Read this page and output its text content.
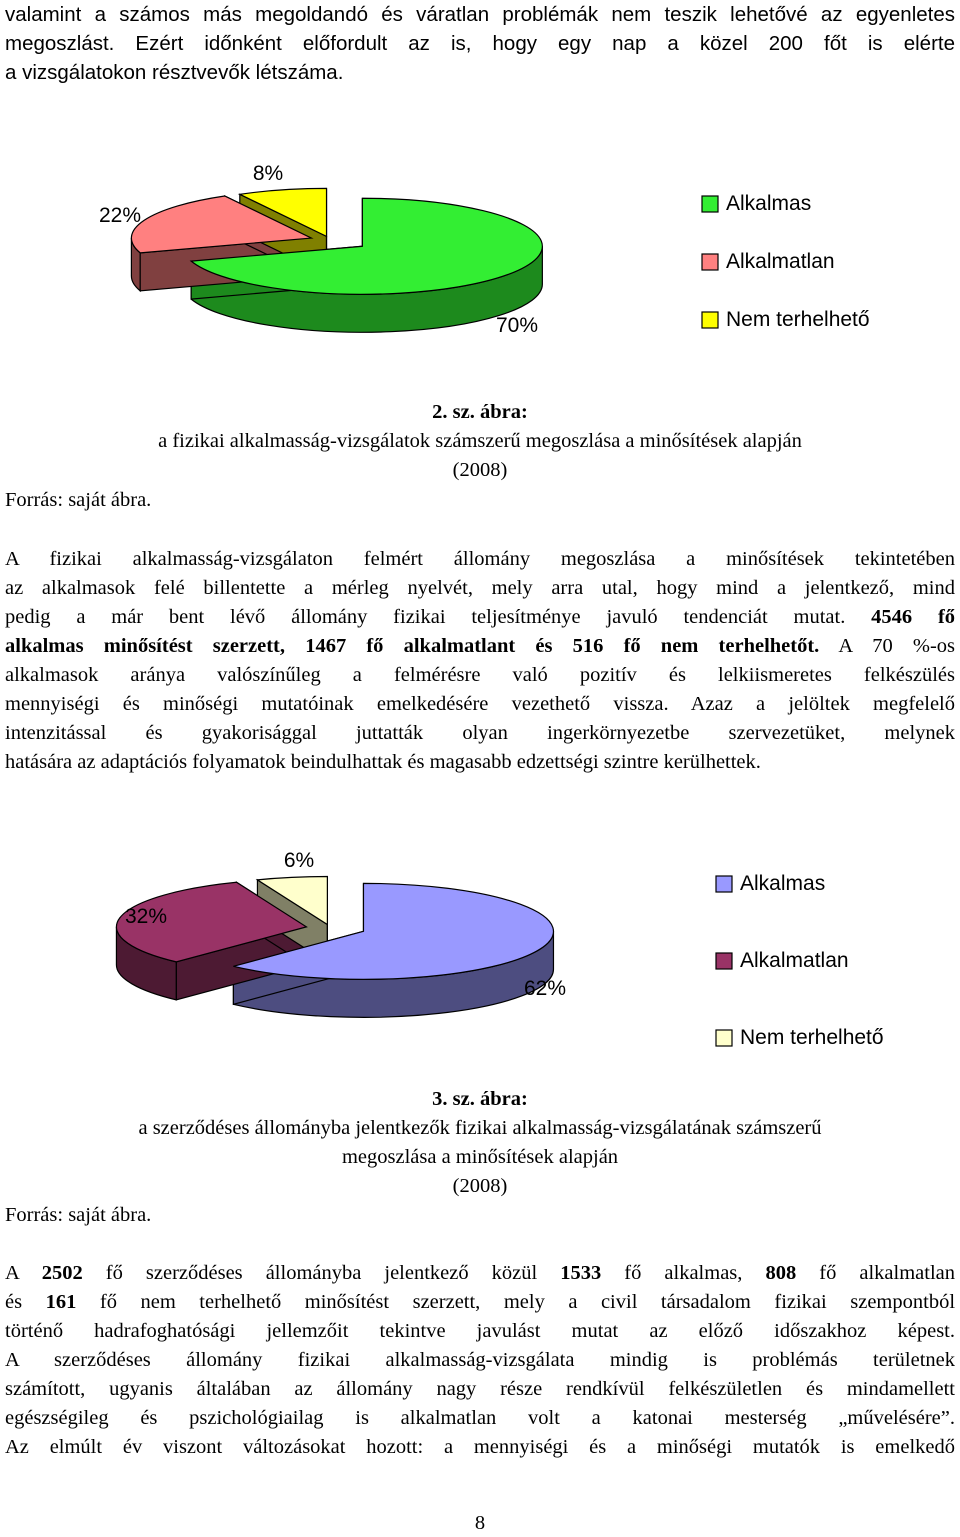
valamint a számos más megoldandó és váratlan problémák nem teszik lehetővé az egyenletes
megoszlást. Ezért időnként előfordult az is, hogy egy nap a közel 200 főt is elérte
a vizsgálatokon résztvevők létszáma.
70%
22%
8%
Alkalmas
Alkalmatlan
Nem terhelhető
2. sz. ábra:
a fizikai alkalmasság-vizsgálatok számszerű megoszlása a minősítések alapján
(2008)
Forrás: saját ábra.
A fizikai alkalmasság-vizsgálaton felmért állomány megoszlása a minősítések tekintetében
az alkalmasok felé billentette a mérleg nyelvét, mely arra utal, hogy mind a jelentkező, mind
pedig a már bent lévő állomány fizikai teljesítménye javuló tendenciát mutat. 4546 fő
alkalmas minősítést szerzett, 1467 fő alkalmatlant és 516 fő nem terhelhetőt. A 70 %-os
alkalmasok aránya valószínűleg a felmérésre való pozitív és lelkiismeretes felkészülés
mennyiségi és minőségi mutatóinak emelkedésére vezethető vissza. Azaz a jelöltek megfelelő
intenzitással és gyakorisággal juttatták olyan ingerkörnyezetbe szervezetüket, melynek
hatására az adaptációs folyamatok beindulhattak és magasabb edzettségi szintre kerülhettek.
62%
32%
6%
Alkalmas
Alkalmatlan
Nem terhelhető
3. sz. ábra:
a szerződéses állományba jelentkezők fizikai alkalmasság-vizsgálatának számszerű
megoszlása a minősítések alapján
(2008)
Forrás: saját ábra.
A 2502 fő szerződéses állományba jelentkező közül 1533 fő alkalmas, 808 fő alkalmatlan
és 161 fő nem terhelhető minősítést szerzett, mely a civil társadalom fizikai szempontból
történő hadrafoghatósági jellemzőit tekintve javulást mutat az előző időszakhoz képest.
A szerződéses állomány fizikai alkalmasság-vizsgálata mindig is problémás területnek
számított, ugyanis általában az állomány nagy része rendkívül felkészületlen és mindamellett
egészségileg és pszichológiailag is alkalmatlan volt a katonai mesterség „művelésére”.
Az elmúlt év viszont változásokat hozott: a mennyiségi és a minőségi mutatók is emelkedő
8
